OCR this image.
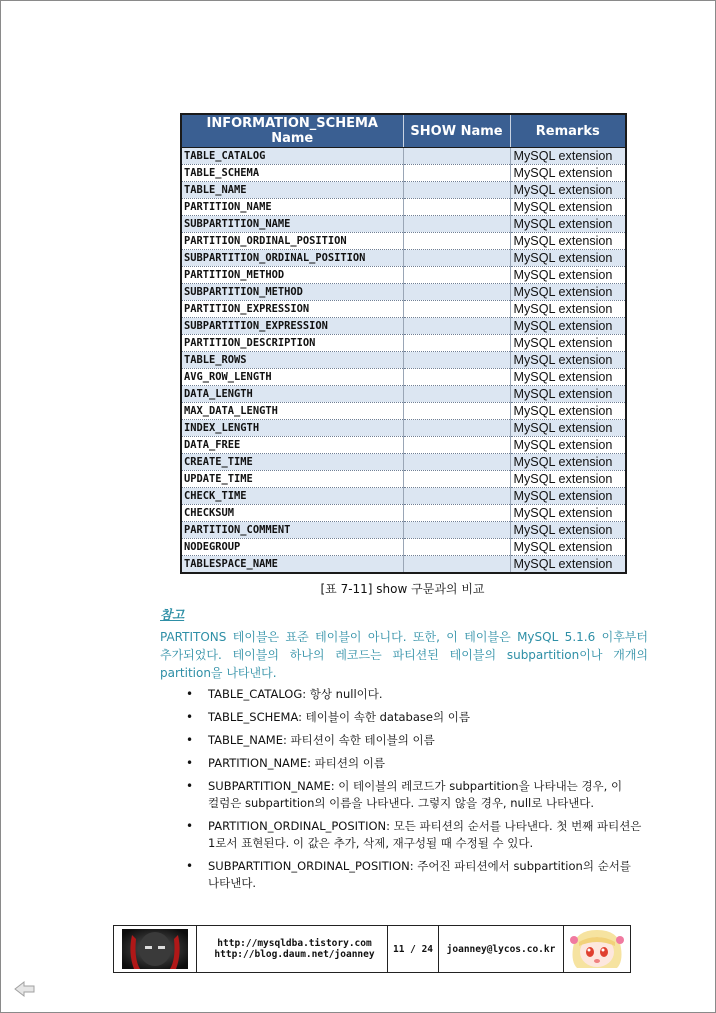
INFORMATION_SCHEMA Name	SHOW Name	Remarks
TABLE_CATALOG		MySQL extension
TABLE_SCHEMA		MySQL extension
TABLE_NAME		MySQL extension
PARTITION_NAME		MySQL extension
SUBPARTITION_NAME		MySQL extension
PARTITION_ORDINAL_POSITION		MySQL extension
SUBPARTITION_ORDINAL_POSITION		MySQL extension
PARTITION_METHOD		MySQL extension
SUBPARTITION_METHOD		MySQL extension
PARTITION_EXPRESSION		MySQL extension
SUBPARTITION_EXPRESSION		MySQL extension
PARTITION_DESCRIPTION		MySQL extension
TABLE_ROWS		MySQL extension
AVG_ROW_LENGTH		MySQL extension
DATA_LENGTH		MySQL extension
MAX_DATA_LENGTH		MySQL extension
INDEX_LENGTH		MySQL extension
DATA_FREE		MySQL extension
CREATE_TIME		MySQL extension
UPDATE_TIME		MySQL extension
CHECK_TIME		MySQL extension
CHECKSUM		MySQL extension
PARTITION_COMMENT		MySQL extension
NODEGROUP		MySQL extension
TABLESPACE_NAME		MySQL extension
[표 7-11] show 구문과의 비교
참고
PARTITONS 테이블은 표준 테이블이 아니다. 또한, 이 테이블은 MySQL 5.1.6 이후부터 추가되었다. 테이블의 하나의 레코드는 파티션된 테이블의 subpartition이나 개개의 partition을 나타낸다.
• TABLE_CATALOG: 항상 null이다.
• TABLE_SCHEMA: 테이블이 속한 database의 이름
• TABLE_NAME: 파티션이 속한 테이블의 이름
• PARTITION_NAME: 파티션의 이름
• SUBPARTITION_NAME: 이 테이블의 레코드가 subpartition을 나타내는 경우, 이 컬럼은 subpartition의 이름을 나타낸다. 그렇지 않을 경우, null로 나타낸다.
• PARTITION_ORDINAL_POSITION: 모든 파티션의 순서를 나타낸다. 첫 번째 파티션은 1로서 표현된다. 이 값은 추가, 삭제, 재구성될 때 수정될 수 있다.
• SUBPARTITION_ORDINAL_POSITION: 주어진 파티션에서 subpartition의 순서를 나타낸다.
http://mysqldba.tistory.com
http://blog.daum.net/joanney	11 / 24	joanney@lycos.co.kr
